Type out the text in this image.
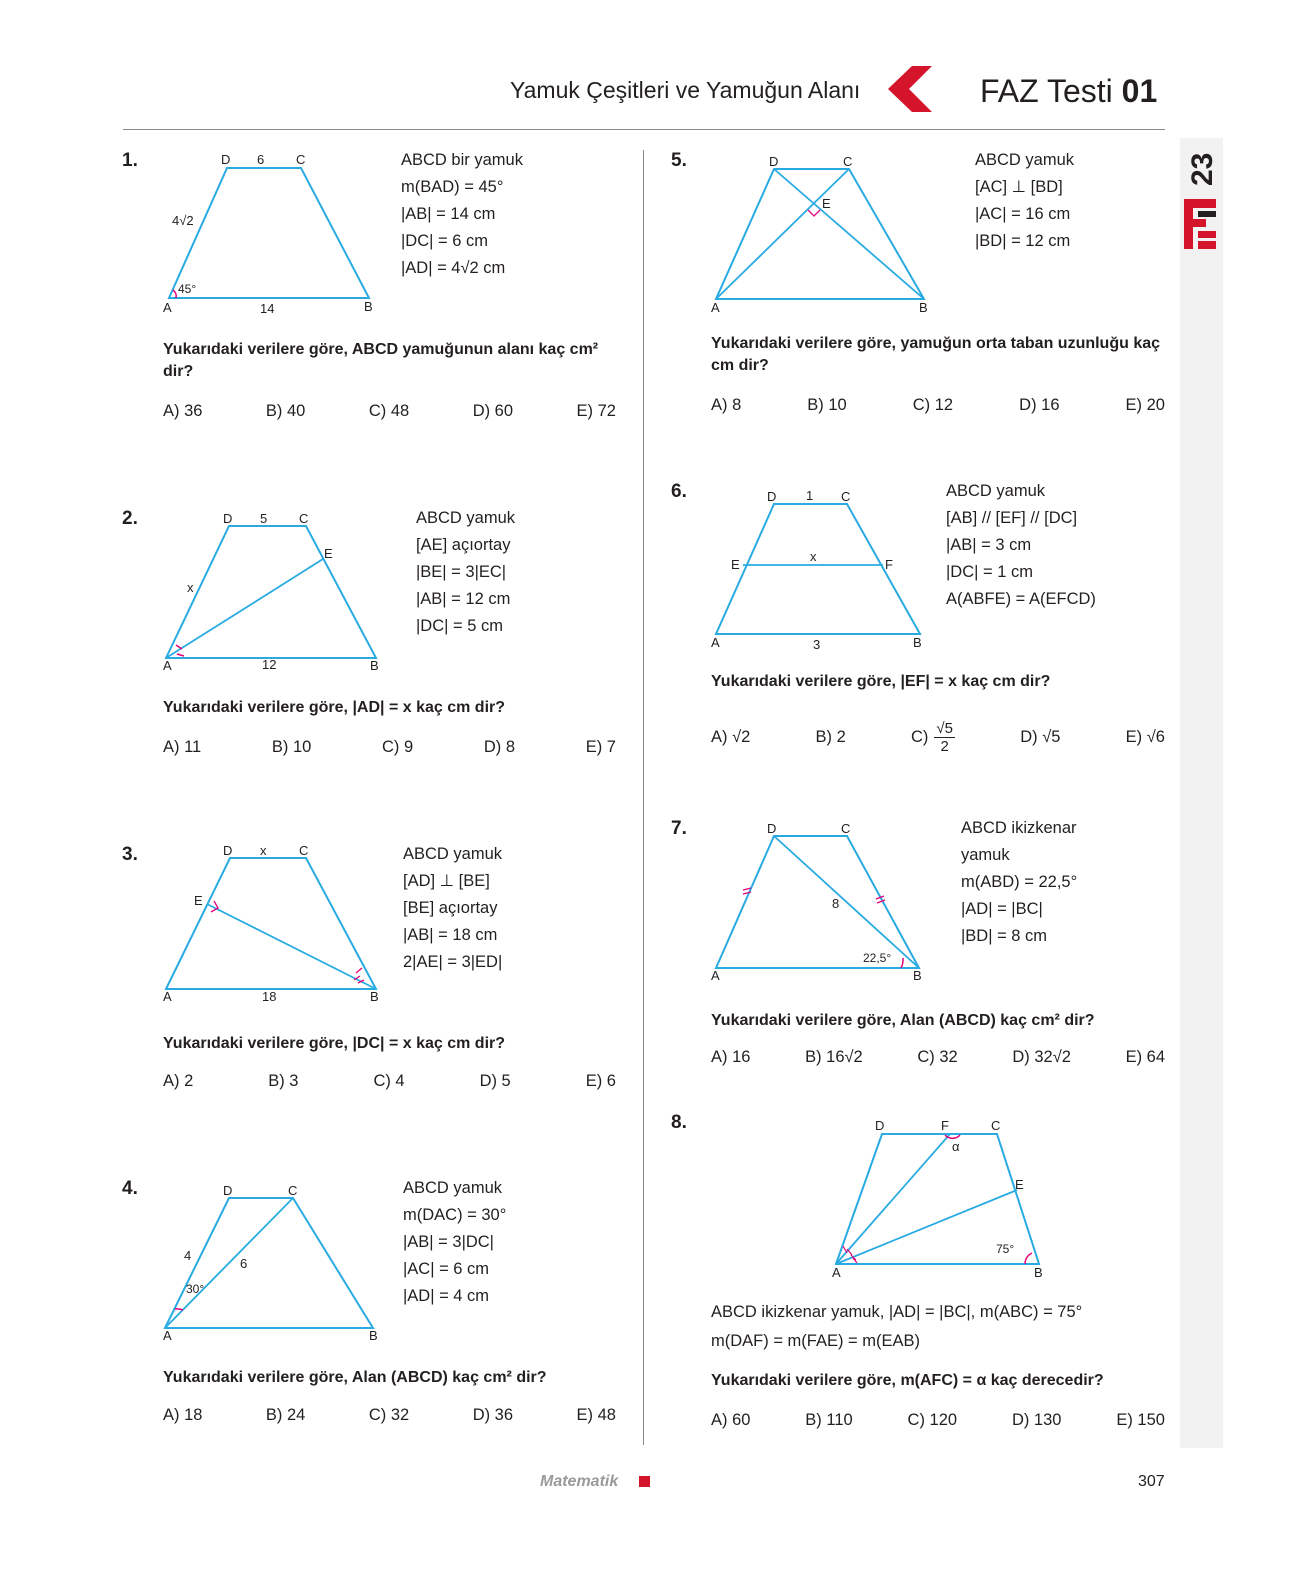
Yamuk Çeşitleri ve Yamuğun Alanı	FAZ Testi 01
23
1.	D	C
A	B
6
14
4√2
45°
ABCD bir yamuk
m(BAD) = 45°
|AB| = 14 cm
|DC| = 6 cm
|AD| = 4√2 cm
Yukarıdaki verilere göre, ABCD yamuğunun alanı kaç cm² dir?
A) 36	B) 40	C) 48	D) 60	E) 72
2.	D	C
A	B
E
5
12
x
ABCD yamuk
[AE] açıortay
|BE| = 3|EC|
|AB| = 12 cm
|DC| = 5 cm
Yukarıdaki verilere göre, |AD| = x kaç cm dir?
A) 11	B) 10	C) 9	D) 8	E) 7
3.	D	C
A	B
E
x
18
ABCD yamuk
[AD] ⊥ [BE]
[BE] açıortay
|AB| = 18 cm
2|AE| = 3|ED|
Yukarıdaki verilere göre, |DC| = x kaç cm dir?
A) 2	B) 3	C) 4	D) 5	E) 6
4.	D	C
A	B
4
6
30°
ABCD yamuk
m(DAC) = 30°
|AB| = 3|DC|
|AC| = 6 cm
|AD| = 4 cm
Yukarıdaki verilere göre, Alan (ABCD) kaç cm² dir?
A) 18	B) 24	C) 32	D) 36	E) 48
5.	D	C
A	B
E
ABCD yamuk
[AC] ⊥ [BD]
|AC| = 16 cm
|BD| = 12 cm
Yukarıdaki verilere göre, yamuğun orta taban uzunluğu kaç cm dir?
A) 8	B) 10	C) 12	D) 16	E) 20
6.	D	C
A	B
E	F
1
x
3
ABCD yamuk
[AB] // [EF] // [DC]
|AB| = 3 cm
|DC| = 1 cm
A(ABFE) = A(EFCD)
Yukarıdaki verilere göre, |EF| = x kaç cm dir?
A) √2	B) 2	$C) \frac{√5}{2}$	D) √5	E) √6
7.	D	C
A	B
8
22,5°
ABCD ikizkenar
yamuk
m(ABD) = 22,5°
|AD| = |BC|
|BD| = 8 cm
Yukarıdaki verilere göre, Alan (ABCD) kaç cm² dir?
A) 16	B) 16√2	C) 32	D) 32√2	E) 64
8.	D	F	C
E
A	B
α
75°
ABCD ikizkenar yamuk, |AD| = |BC|, m(ABC) = 75°
m(DAF) = m(FAE) = m(EAB)
Yukarıdaki verilere göre, m(AFC) = α kaç derecedir?
A) 60	B) 110	C) 120	D) 130	E) 150
Matematik	307
